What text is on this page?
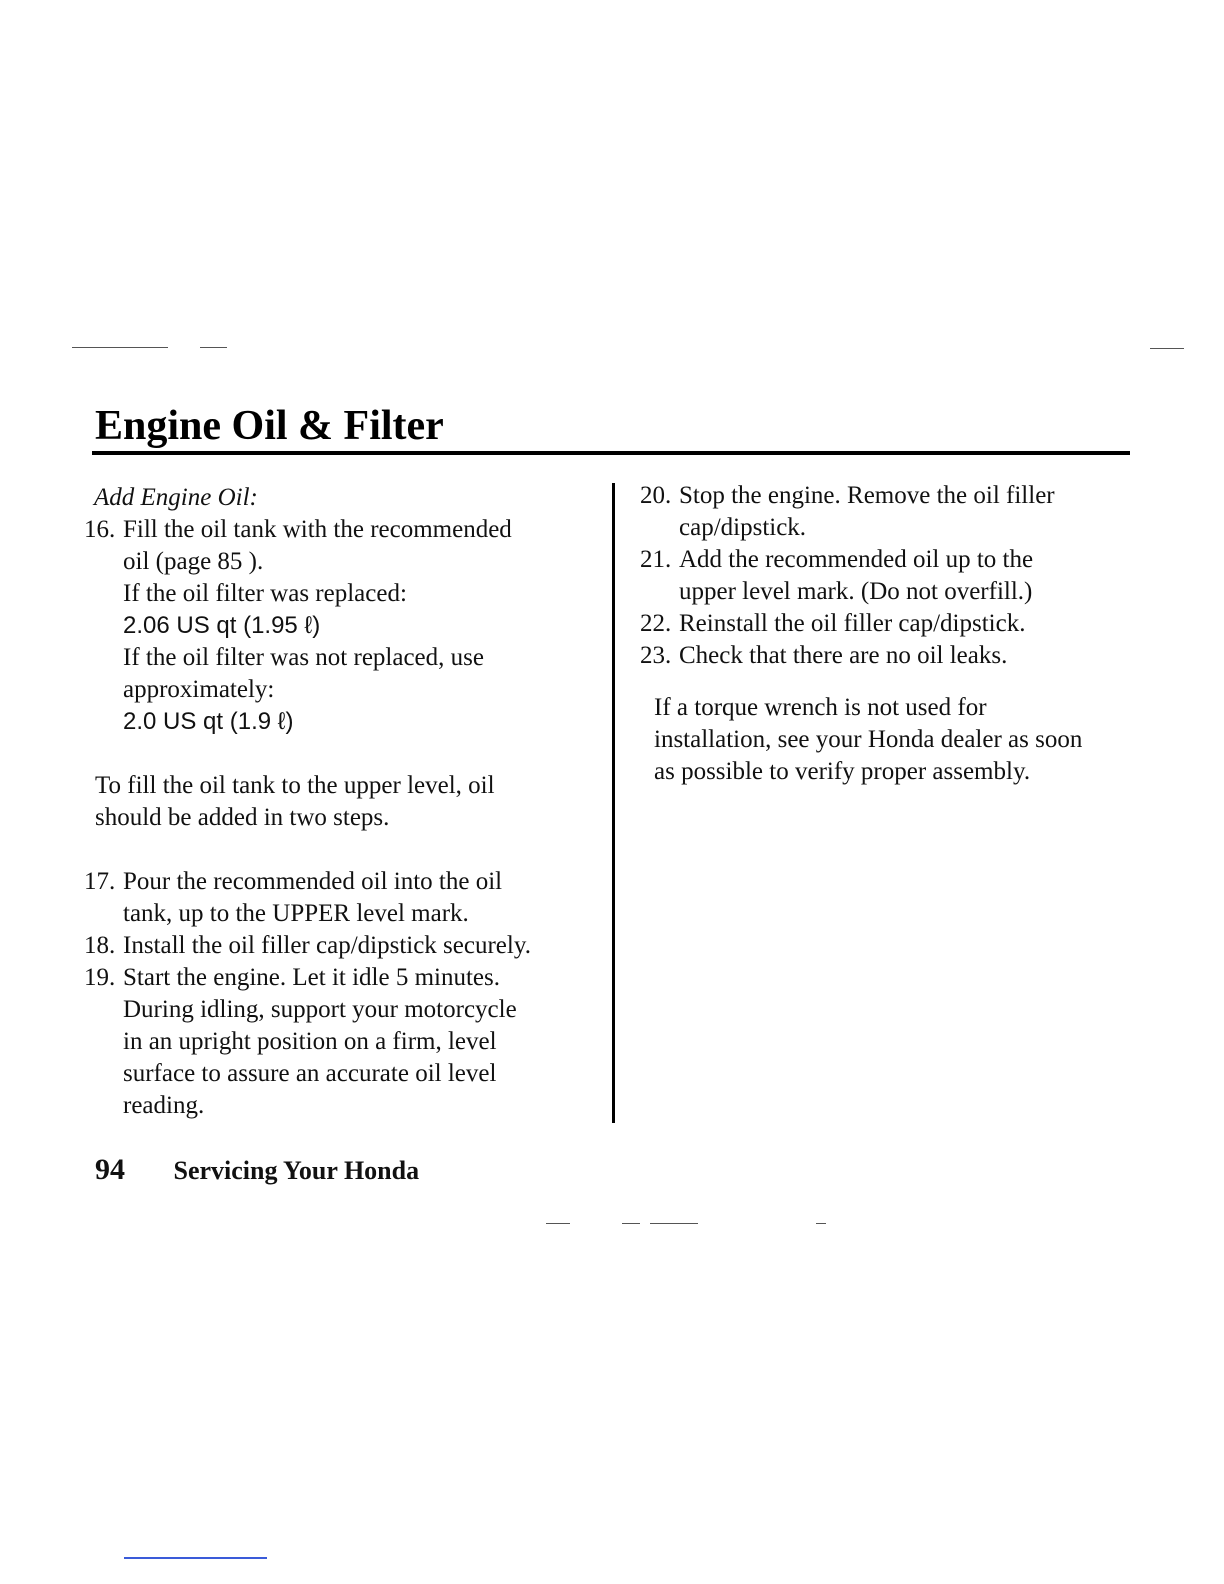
Engine Oil & Filter
Add Engine Oil:
16. Fill the oil tank with the recommended
oil (page 85 ).
If the oil filter was replaced:
2.06 US qt (1.95 ℓ)
If the oil filter was not replaced, use
approximately:
2.0 US qt (1.9 ℓ)
To fill the oil tank to the upper level, oil
should be added in two steps.
17. Pour the recommended oil into the oil
tank, up to the UPPER level mark.
18. Install the oil filler cap/dipstick securely.
19. Start the engine. Let it idle 5 minutes.
During idling, support your motorcycle
in an upright position on a firm, level
surface to assure an accurate oil level
reading.
20. Stop the engine. Remove the oil filler
cap/dipstick.
21. Add the recommended oil up to the
upper level mark. (Do not overfill.)
22. Reinstall the oil filler cap/dipstick.
23. Check that there are no oil leaks.
If a torque wrench is not used for
installation, see your Honda dealer as soon
as possible to verify proper assembly.
94 Servicing Your Honda
